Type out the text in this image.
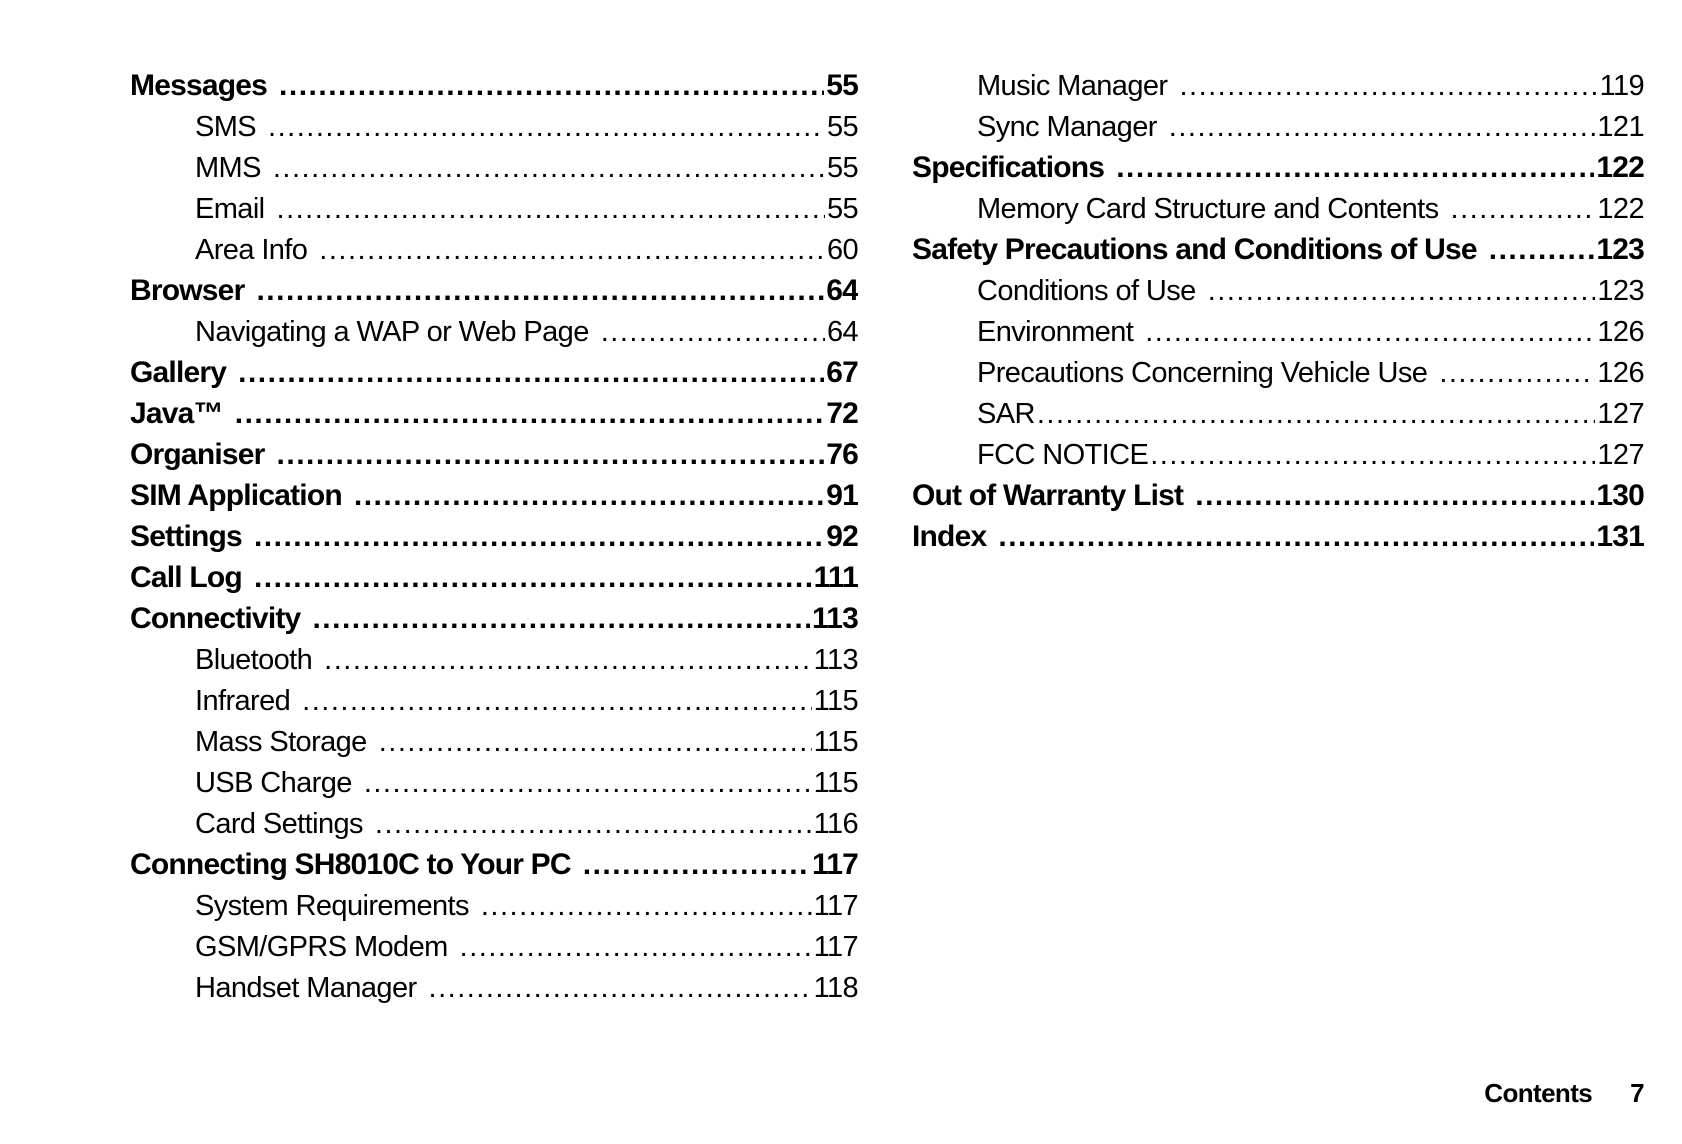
Messages .....	55
SMS .....	55
MMS .....	55
Email .....	55
Area Info .....	60
Browser .....	64
Navigating a WAP or Web Page .....	64
Gallery .....	67
Java™ .....	72
Organiser .....	76
SIM Application .....	91
Settings .....	92
Call Log .....	111
Connectivity .....	113
Bluetooth .....	113
Infrared .....	115
Mass Storage .....	115
USB Charge .....	115
Card Settings .....	116
Connecting SH8010C to Your PC .....	117
System Requirements .....	117
GSM/GPRS Modem .....	117
Handset Manager .....	118
Music Manager .....	119
Sync Manager .....	121
Specifications .....	122
Memory Card Structure and Contents .....	122
Safety Precautions and Conditions of Use .....	123
Conditions of Use .....	123
Environment .....	126
Precautions Concerning Vehicle Use .....	126
SAR .....	127
FCC NOTICE .....	127
Out of Warranty List .....	130
Index .....	131
Contents 7
